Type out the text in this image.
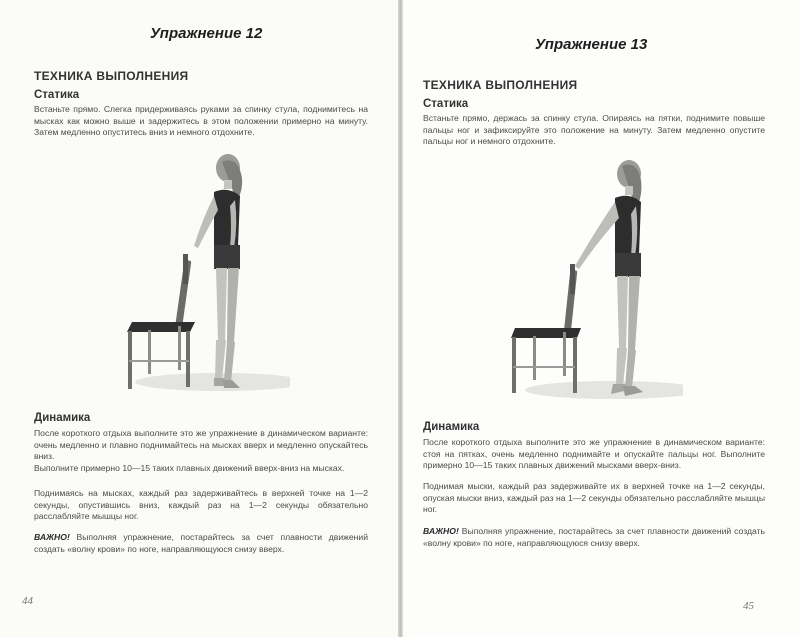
Упражнение 12
ТЕХНИКА ВЫПОЛНЕНИЯ
Статика
Встаньте прямо. Слегка придерживаясь руками за спинку стула, поднимитесь на мысках как можно выше и задержитесь в этом положении примерно на минуту. Затем медленно опуститесь вниз и немного отдохните.
Динамика
После короткого отдыха выполните это же упражнение в динамическом варианте: очень медленно и плавно поднимайтесь на мысках вверх и медленно опускайтесь вниз.
Выполните примерно 10—15 таких плавных движений вверх-вниз на мысках.
Поднимаясь на мысках, каждый раз задерживайтесь в верхней точке на 1—2 секунды, опустившись вниз, каждый раз на 1—2 секунды обязательно расслабляйте мышцы ног.
ВАЖНО! Выполняя упражнение, постарайтесь за счет плавности движений создать «волну крови» по ноге, направляющуюся снизу вверх.
44
Упражнение 13
ТЕХНИКА ВЫПОЛНЕНИЯ
Статика
Встаньте прямо, держась за спинку стула. Опираясь на пятки, поднимите повыше пальцы ног и зафиксируйте это положение на минуту. Затем медленно опустите пальцы ног и немного отдохните.
Динамика
После короткого отдыха выполните это же упражнение в динамическом варианте: стоя на пятках, очень медленно поднимайте и опускайте пальцы ног. Выполните примерно 10—15 таких плавных движений мысками вверх-вниз.
Поднимая мыски, каждый раз задерживайте их в верхней точке на 1—2 секунды, опуская мыски вниз, каждый раз на 1—2 секунды обязательно расслабляйте мышцы ног.
ВАЖНО! Выполняя упражнение, постарайтесь за счет плавности движений создать «волну крови» по ноге, направляющуюся снизу вверх.
45
